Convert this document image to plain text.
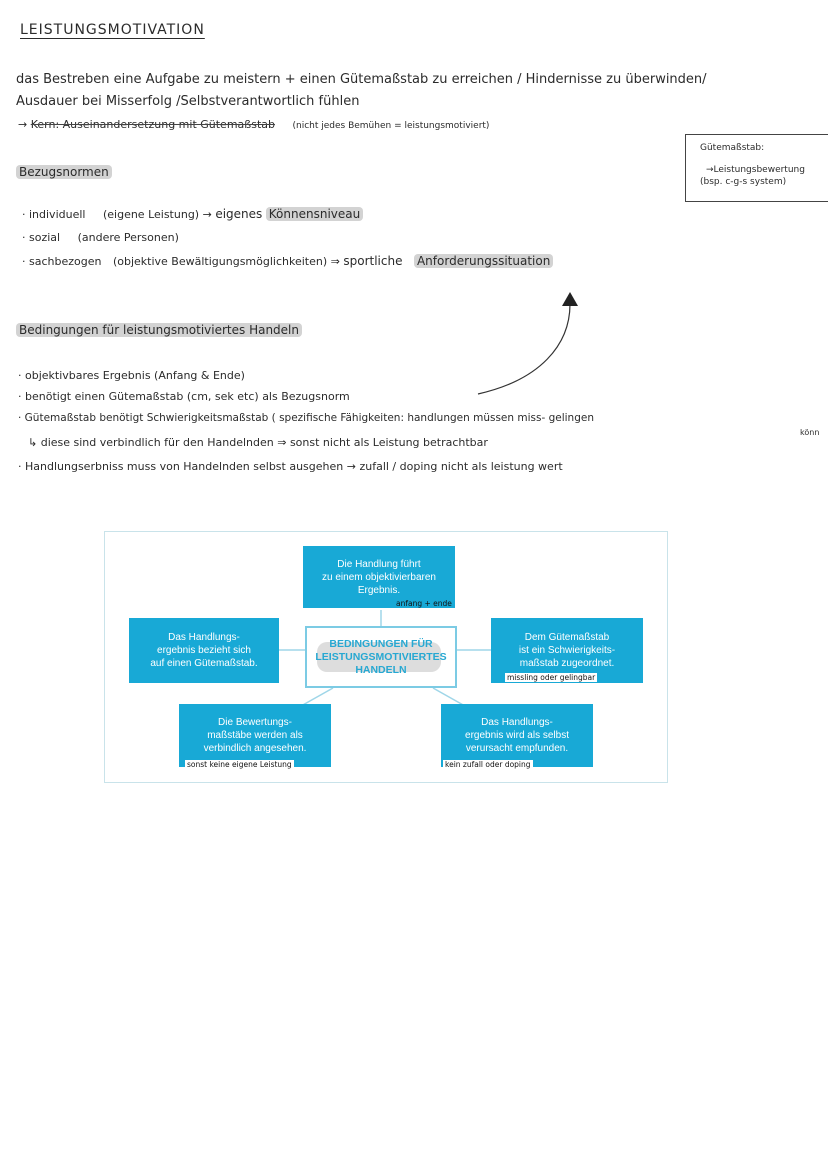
LEISTUNGSMOTIVATION
das Bestreben eine Aufgabe zu meistern + einen Gütemaßstab zu erreichen / Hindernisse zu überwinden/
Ausdauer bei Misserfolg /Selbstverantwortlich fühlen
→ Kern: Auseinandersetzung mit Gütemaßstab (nicht jedes Bemühen = leistungsmotiviert)
Gütemaßstab:
→Leistungsbewertung
(bsp. c-g-s system)
Bezugsnormen
· individuell (eigene Leistung) → eigenes Könnensniveau
· sozial (andere Personen)
· sachbezogen (objektive Bewältigungsmöglichkeiten) ⇒ sportliche Anforderungssituation
Bedingungen für leistungsmotiviertes Handeln
· objektivbares Ergebnis (Anfang & Ende)
· benötigt einen Gütemaßstab (cm, sek etc) als Bezugsnorm
· Gütemaßstab benötigt Schwierigkeitsmaßstab ( spezifische Fähigkeiten: handlungen müssen miss- gelingen
könn
↳ diese sind verbindlich für den Handelnden ⇒ sonst nicht als Leistung betrachtbar
· Handlungserbniss muss von Handelnden selbst ausgehen → zufall / doping nicht als leistung wert
Die Handlung führt
zu einem objektivierbaren
Ergebnis.
Das Handlungs-
ergebnis bezieht sich
auf einen Gütemaßstab.
Dem Gütemaßstab
ist ein Schwierigkeits-
maßstab zugeordnet.
Die Bewertungs-
maßstäbe werden als
verbindlich angesehen.
Das Handlungs-
ergebnis wird als selbst
verursacht empfunden.
BEDINGUNGEN FÜR
LEISTUNGSMOTIVIERTES
HANDELN
anfang + ende
missling oder gelingbar
sonst keine eigene Leistung	kein zufall oder doping
